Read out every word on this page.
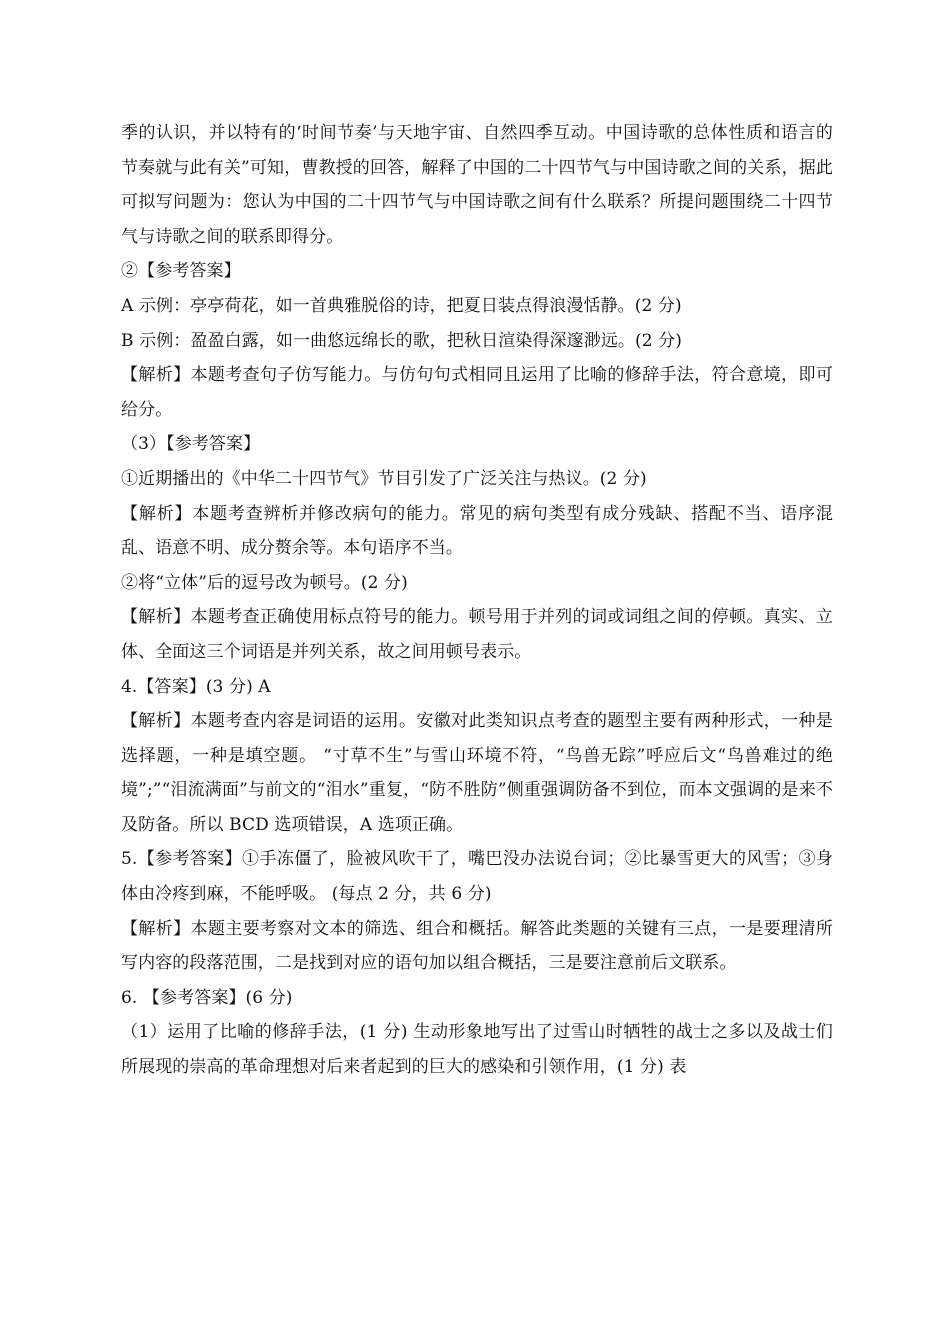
季的认识，并以特有的‘时间节奏’与天地宇宙、自然四季互动。中国诗歌的总体性质和语言的节奏就与此有关”可知，曹教授的回答，解释了中国的二十四节气与中国诗歌之间的关系，据此可拟写问题为：您认为中国的二十四节气与中国诗歌之间有什么联系？所提问题围绕二十四节气与诗歌之间的联系即得分。

②【参考答案】

A 示例：亭亭荷花，如一首典雅脱俗的诗，把夏日装点得浪漫恬静。(2 分)

B 示例：盈盈白露，如一曲悠远绵长的歌，把秋日渲染得深邃渺远。(2 分)

【解析】本题考查句子仿写能力。与仿句句式相同且运用了比喻的修辞手法，符合意境，即可给分。

（3）【参考答案】

①近期播出的《中华二十四节气》节目引发了广泛关注与热议。(2 分)

【解析】本题考查辨析并修改病句的能力。常见的病句类型有成分残缺、搭配不当、语序混乱、语意不明、成分赘余等。本句语序不当。

②将“立体”后的逗号改为顿号。(2 分)

【解析】本题考查正确使用标点符号的能力。顿号用于并列的词或词组之间的停顿。真实、立体、全面这三个词语是并列关系，故之间用顿号表示。

4.【答案】(3 分) A

【解析】本题考查内容是词语的运用。安徽对此类知识点考查的题型主要有两种形式，一种是选择题，一种是填空题。 “寸草不生”与雪山环境不符，“鸟兽无踪”呼应后文“鸟兽难过的绝境”;”“泪流满面”与前文的“泪水”重复，“防不胜防”侧重强调防备不到位，而本文强调的是来不及防备。所以 BCD 选项错误，A 选项正确。

5.【参考答案】①手冻僵了，脸被风吹干了，嘴巴没办法说台词；②比暴雪更大的风雪；③身体由冷疼到麻，不能呼吸。 (每点 2 分，共 6 分)

【解析】本题主要考察对文本的筛选、组合和概括。解答此类题的关键有三点，一是要理清所写内容的段落范围，二是找到对应的语句加以组合概括，三是要注意前后文联系。

6. 【参考答案】(6 分)

（1）运用了比喻的修辞手法，(1 分) 生动形象地写出了过雪山时牺牲的战士之多以及战士们所展现的崇高的革命理想对后来者起到的巨大的感染和引领作用，(1 分) 表
